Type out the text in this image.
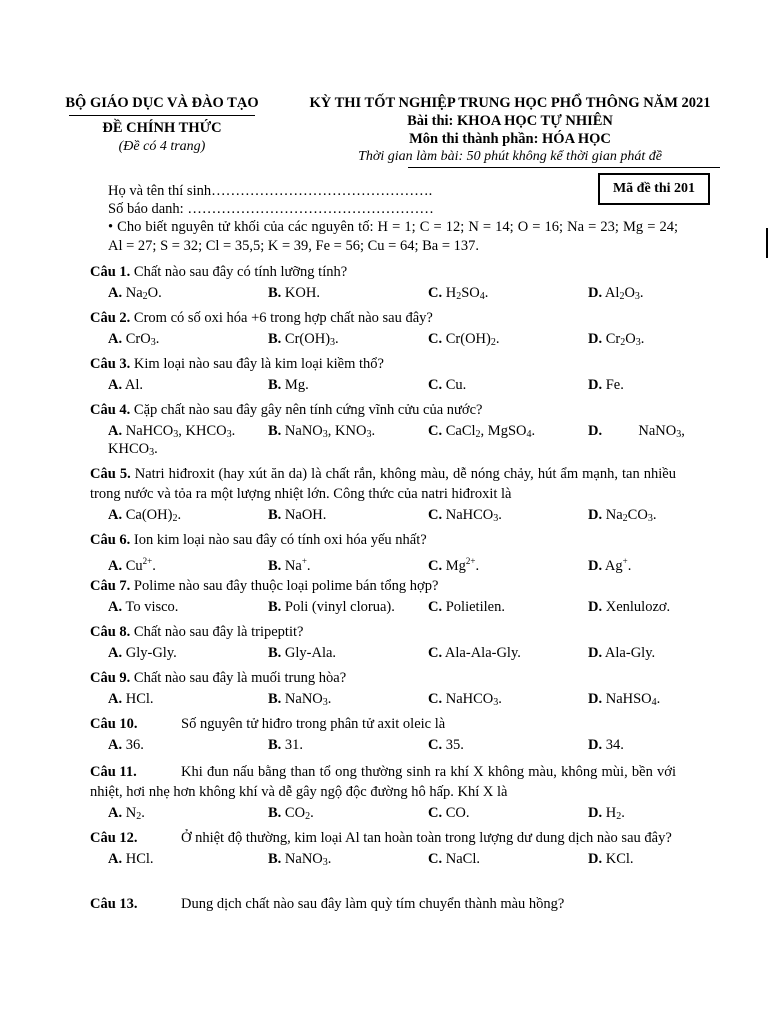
BỘ GIÁO DỤC VÀ ĐÀO TẠO
ĐỀ CHÍNH THỨC
(Đề có 4 trang)
KỲ THI TỐT NGHIỆP TRUNG HỌC PHỔ THÔNG NĂM 2021
Bài thi: KHOA HỌC TỰ NHIÊN
Môn thi thành phần: HÓA HỌC
Thời gian làm bài: 50 phút không kể thời gian phát đề
Mã đề thi 201
Họ và tên thí sinh……………………………………….
Số báo danh: ……………………………………………
• Cho biết nguyên tử khối của các nguyên tố: H = 1; C = 12; N = 14; O = 16; Na = 23; Mg = 24; Al = 27; S = 32; Cl = 35,5; K = 39, Fe = 56; Cu = 64; Ba = 137.
Câu 1. Chất nào sau đây có tính lưỡng tính?
A. $Na_2O$.	B. KOH.	C. $H_2SO_4$.	D. $Al_2O_3$.
Câu 2. Crom có số oxi hóa +6 trong hợp chất nào sau đây?
A. CrO$_3$.	B. $Cr(OH)_3$.	C. $Cr(OH)_2$.	D. $Cr_2O_3$.
Câu 3. Kim loại nào sau đây là kim loại kiềm thổ?
A. Al.	B. Mg.	C. Cu.	D. Fe.
Câu 4. Cặp chất nào sau đây gây nên tính cứng vĩnh cửu của nước?
A. NaHCO$_3$, $KHCO_3$. B. NaNO$_3$, $KNO_3$.	C. CaCl$_2$, MgSO$_4$.	D.          NaNO$_3$,
$KHCO_3$.
Câu 5. Natri hiđroxit (hay xút ăn da) là chất rắn, không màu, dễ nóng chảy, hút ẩm mạnh, tan nhiều trong nước và tỏa ra một lượng nhiệt lớn. Công thức của natri hiđroxit là
A. $Ca(OH)_2$.	B. NaOH.	C. NaHCO$_3$.	D. $Na_2CO_3$.
Câu 6. Ion kim loại nào sau đây có tính oxi hóa yếu nhất?
A. $Cu^{2+}$.	B. Na+.	C. $Mg^{2+}$.	D. Ag+.
Câu 7. Polime nào sau đây thuộc loại polime bán tổng hợp?
A. To visco.	B. Poli (vinyl clorua). C. Polietilen.	D. Xenlulozơ.
Câu 8. Chất nào sau đây là tripeptit?
A. Gly-Gly.	B. Gly-Ala.	C. Ala-Ala-Gly.	D. Ala-Gly.
Câu 9. Chất nào sau đây là muối trung hòa?
A. HCl.	B. NaNO$_3$.	C. NaHCO$_3$.	D. NaHSO$_4$.
Câu 10.	Số nguyên tử hiđro trong phân tử axit oleic là
A. 36.	B. 31.	C. 35.	D. 34.
Câu 11.	Khi đun nấu bằng than tổ ong thường sinh ra khí X không màu, không mùi, bền với nhiệt, hơi nhẹ hơn không khí và dễ gây ngộ độc đường hô hấp. Khí X là
A. $N_2$.	B. $CO_2$.	C. CO.	D. $H_2$.
Câu 12.	Ở nhiệt độ thường, kim loại Al tan hoàn toàn trong lượng dư dung dịch nào sau đây?
A. HCl.	B. NaNO$_3$.	C. NaCl.	D. KCl.
Câu 13.	Dung dịch chất nào sau đây làm quỳ tím chuyển thành màu hồng?
